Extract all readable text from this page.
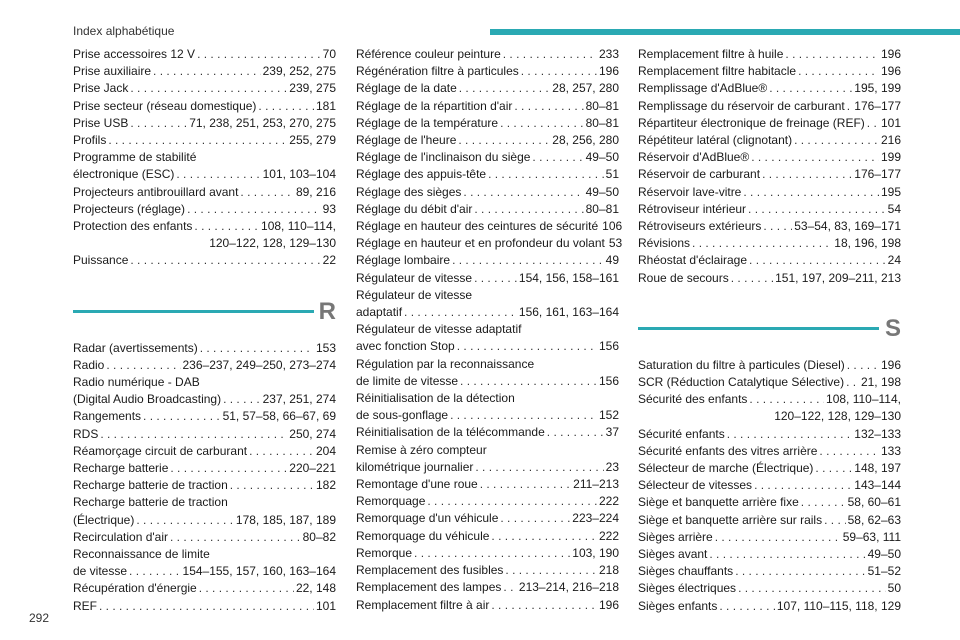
Index alphabétique
Prise accessoires 12 V . . .	70
Prise auxiliaire . . .	239, 252, 275
Prise Jack . . .	239, 275
Prise secteur (réseau domestique) . . .	181
Prise USB . . .	71, 238, 251, 253, 270, 275
Profils . . .	255, 279
Programme de stabilité
électronique (ESC) . . .	101, 103–104
Projecteurs antibrouillard avant . . .	89, 216
Projecteurs (réglage) . . .	93
Protection des enfants . . .	108, 110–114,
120–122, 128, 129–130
Puissance . . .	22
R
Radar (avertissements) . . .	153
Radio . . .	236–237, 249–250, 273–274
Radio numérique - DAB
(Digital Audio Broadcasting) . . .	237, 251, 274
Rangements . . .	51, 57–58, 66–67, 69
RDS . . .	250, 274
Réamorçage circuit de carburant . . .	204
Recharge batterie . . .	220–221
Recharge batterie de traction . . .	182
Recharge batterie de traction
(Électrique) . . .	178, 185, 187, 189
Recirculation d'air . . .	80–82
Reconnaissance de limite
de vitesse . . .	154–155, 157, 160, 163–164
Récupération d'énergie . . .	22, 148
REF . . .	101
Référence couleur peinture . . .	233
Régénération filtre à particules . . .	196
Réglage de la date . . .	28, 257, 280
Réglage de la répartition d'air . . .	80–81
Réglage de la température . . .	80–81
Réglage de l'heure . . .	28, 256, 280
Réglage de l'inclinaison du siège . . .	49–50
Réglage des appuis-tête . . .	51
Réglage des sièges . . .	49–50
Réglage du débit d'air . . .	80–81
Réglage en hauteur des ceintures de sécurité 106
Réglage en hauteur et en profondeur du volant 53
Réglage lombaire . . .	49
Régulateur de vitesse . . .	154, 156, 158–161
Régulateur de vitesse
adaptatif . . .	156, 161, 163–164
Régulateur de vitesse adaptatif
avec fonction Stop . . .	156
Régulation par la reconnaissance
de limite de vitesse . . .	156
Réinitialisation de la détection
de sous-gonflage . . .	152
Réinitialisation de la télécommande . . .	37
Remise à zéro compteur
kilométrique journalier . . .	23
Remontage d'une roue . . .	211–213
Remorquage . . .	222
Remorquage d'un véhicule . . .	223–224
Remorquage du véhicule . . .	222
Remorque . . .	103, 190
Remplacement des fusibles . . .	218
Remplacement des lampes . . . 213–214, 216–218
Remplacement filtre à air . . .	196
Remplacement filtre à huile . . .	196
Remplacement filtre habitacle . . .	196
Remplissage d'AdBlue® . . .	195, 199
Remplissage du réservoir de carburant . . . 176–177
Répartiteur électronique de freinage (REF) . . . 101
Répétiteur latéral (clignotant) . . .	216
Réservoir d'AdBlue® . . .	199
Réservoir de carburant . . .	176–177
Réservoir lave-vitre . . .	195
Rétroviseur intérieur . . .	54
Rétroviseurs extérieurs . . .	53–54, 83, 169–171
Révisions . . .	18, 196, 198
Rhéostat d'éclairage . . .	24
Roue de secours . . .	151, 197, 209–211, 213
S
Saturation du filtre à particules (Diesel) . . .	196
SCR (Réduction Catalytique Sélective) . . . 21, 198
Sécurité des enfants . . .	108, 110–114,
120–122, 128, 129–130
Sécurité enfants . . .	132–133
Sécurité enfants des vitres arrière . . .	133
Sélecteur de marche (Électrique) . . .	148, 197
Sélecteur de vitesses . . .	143–144
Siège et banquette arrière fixe . . .	58, 60–61
Siège et banquette arrière sur rails . . . 58, 62–63
Sièges arrière . . .	59–63, 111
Sièges avant . . .	49–50
Sièges chauffants . . .	51–52
Sièges électriques . . .	50
Sièges enfants . . .	107, 110–115, 118, 129
292
